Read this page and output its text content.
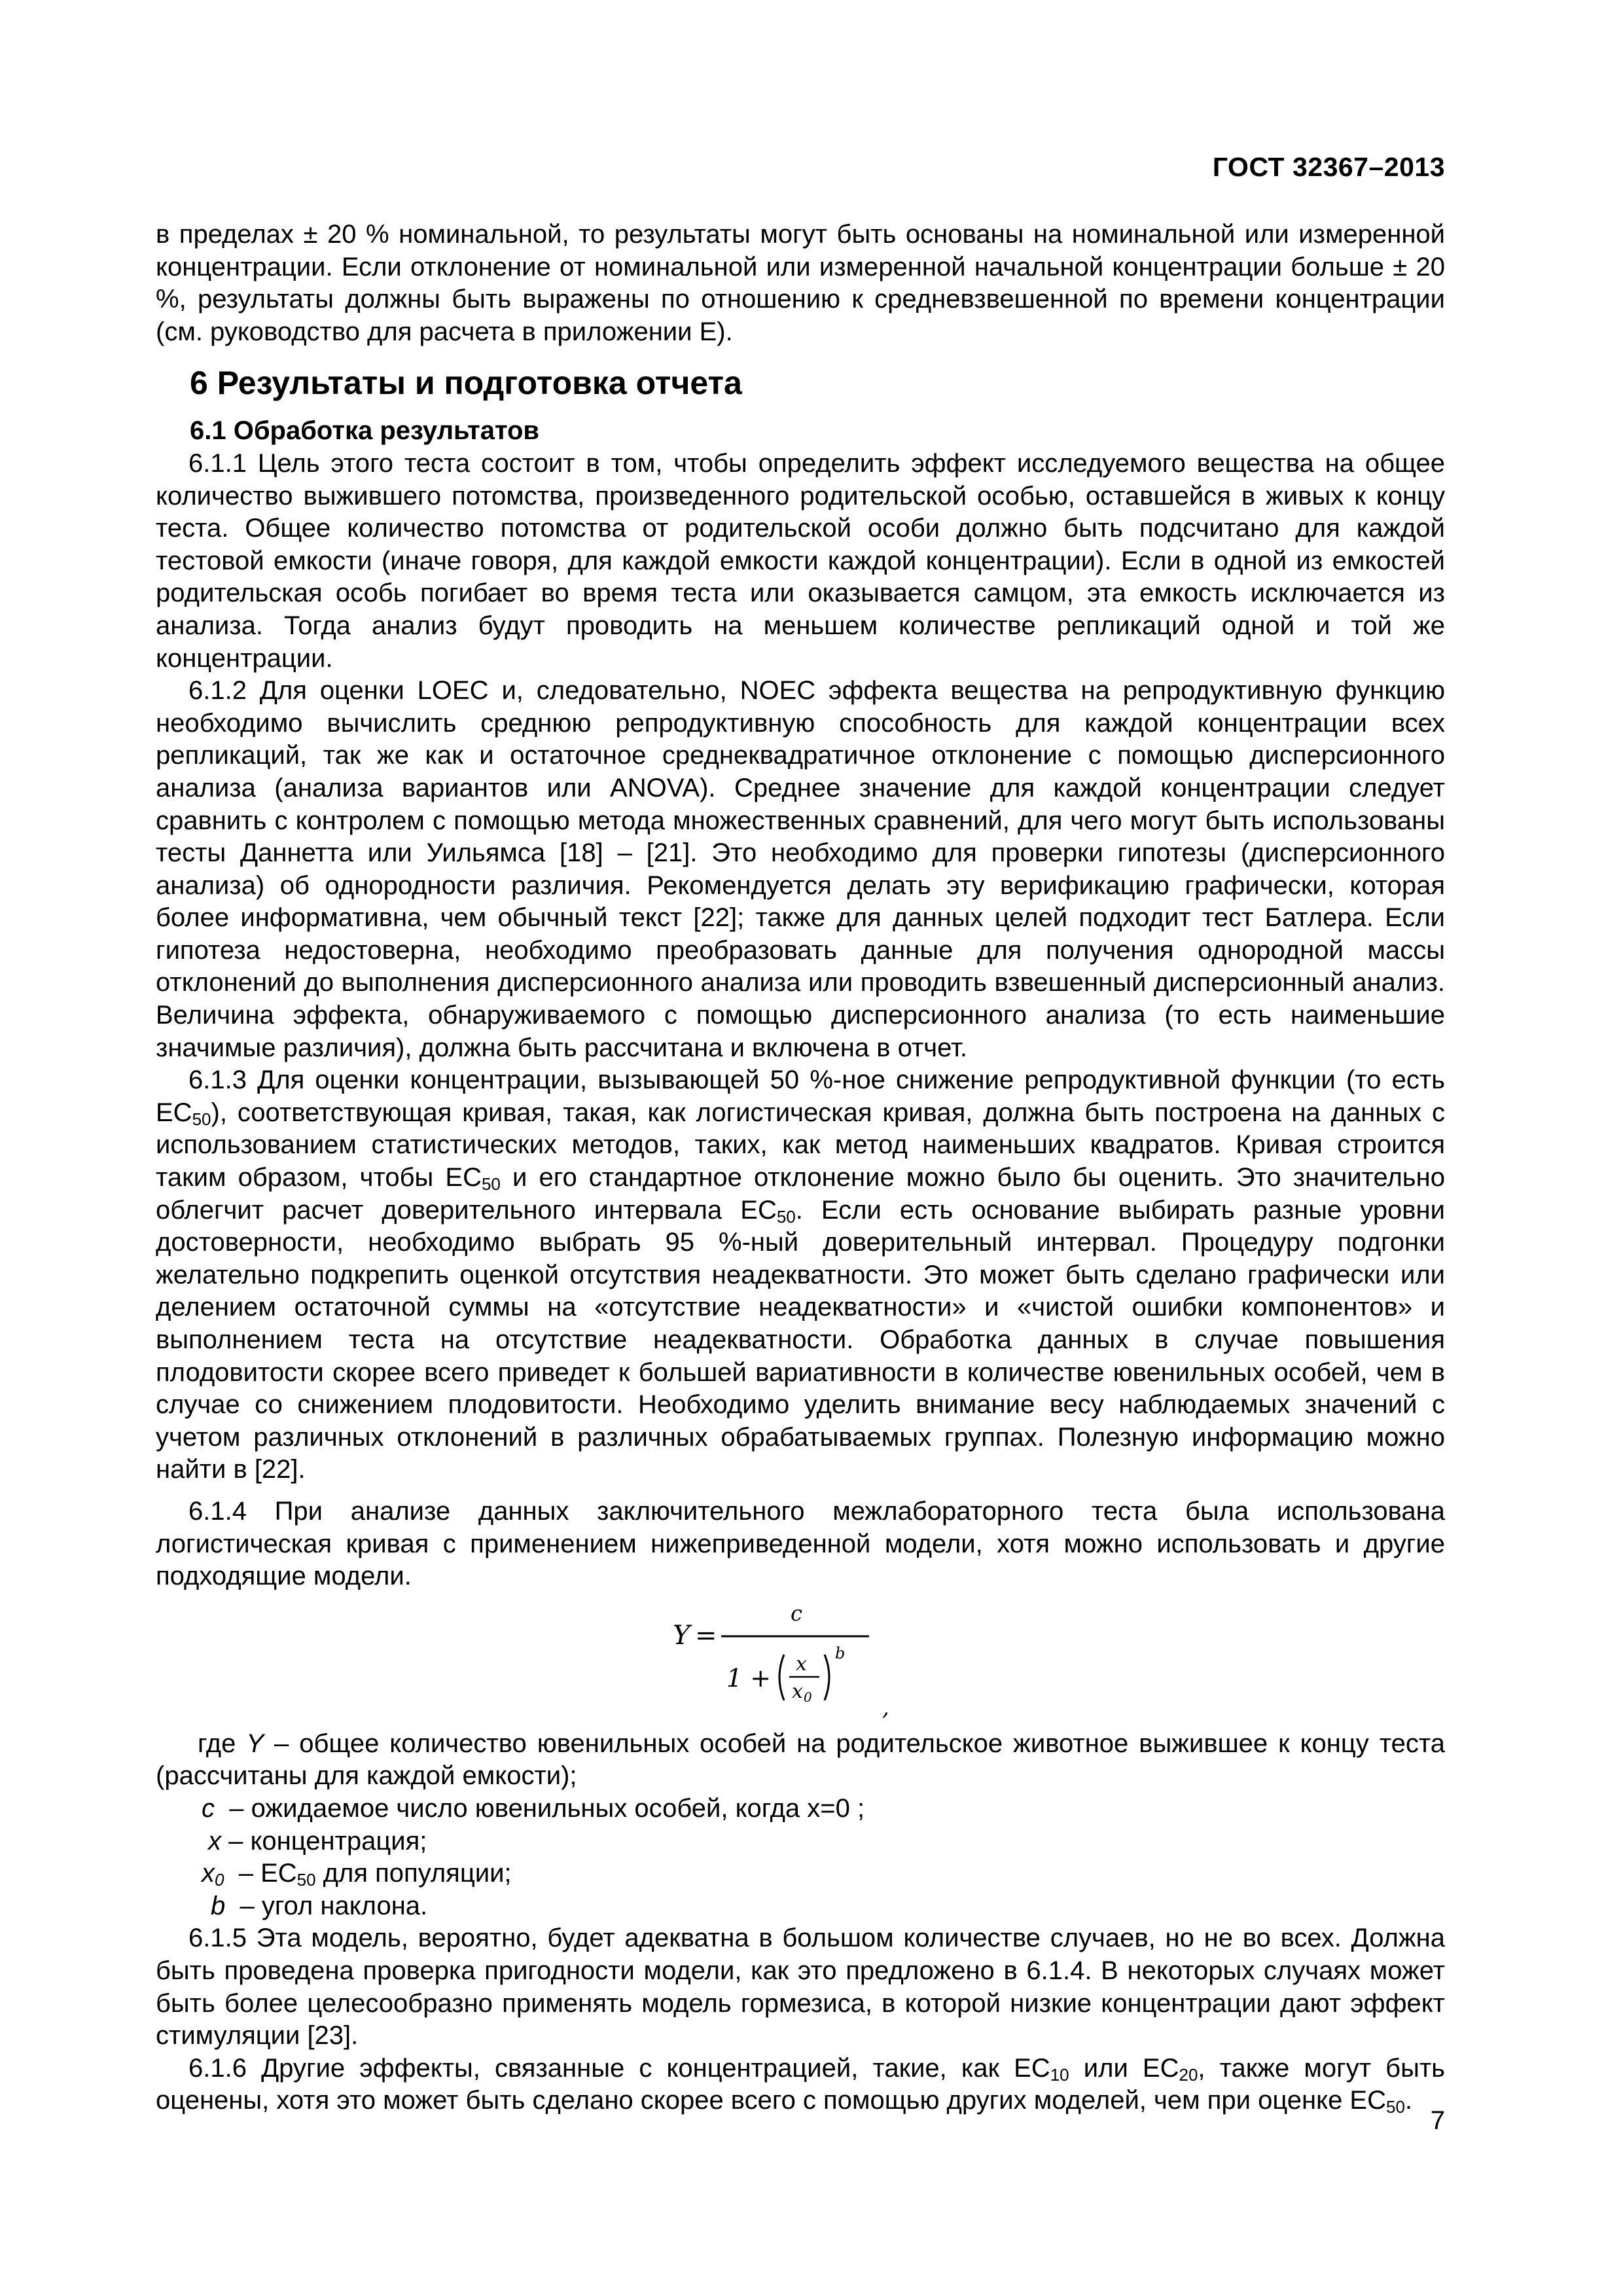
ГОСТ 32367–2013

в пределах ± 20 % номинальной, то результаты могут быть основаны на номинальной или измеренной концентрации. Если отклонение от номинальной или измеренной начальной концентрации больше ± 20 %, результаты должны быть выражены по отношению к средневзвешенной по времени концентрации (см. руководство для расчета в приложении Е).

6 Результаты и подготовка отчета
6.1 Обработка результатов

6.1.1 Цель этого теста состоит в том, чтобы определить эффект исследуемого вещества на общее количество выжившего потомства, произведенного родительской особью, оставшейся в живых к концу теста. Общее количество потомства от родительской особи должно быть подсчитано для каждой тестовой емкости (иначе говоря, для каждой емкости каждой концентрации). Если в одной из емкостей родительская особь погибает во время теста или оказывается самцом, эта емкость исключается из анализа. Тогда анализ будут проводить на меньшем количестве репликаций одной и той же концентрации.

6.1.2 Для оценки LOEC и, следовательно, NOEC эффекта вещества на репродуктивную функцию необходимо вычислить среднюю репродуктивную способность для каждой концентрации всех репликаций, так же как и остаточное среднеквадратичное отклонение с помощью дисперсионного анализа (анализа вариантов или ANOVA). Среднее значение для каждой концентрации следует сравнить с контролем с помощью метода множественных сравнений, для чего могут быть использованы тесты Даннетта или Уильямса [18] – [21]. Это необходимо для проверки гипотезы (дисперсионного анализа) об однородности различия. Рекомендуется делать эту верификацию графически, которая более информативна, чем обычный текст [22]; также для данных целей подходит тест Батлера. Если гипотеза недостоверна, необходимо преобразовать данные для получения однородной массы отклонений до выполнения дисперсионного анализа или проводить взвешенный дисперсионный анализ. Величина эффекта, обнаруживаемого с помощью дисперсионного анализа (то есть наименьшие значимые различия), должна быть рассчитана и включена в отчет.

6.1.3 Для оценки концентрации, вызывающей 50 %-ное снижение репродуктивной функции (то есть $EC_{50}$), соответствующая кривая, такая, как логистическая кривая, должна быть построена на данных с использованием статистических методов, таких, как метод наименьших квадратов. Кривая строится таким образом, чтобы $EC_{50}$ и его стандартное отклонение можно было бы оценить. Это значительно облегчит расчет доверительного интервала $EC_{50}$. Если есть основание выбирать разные уровни достоверности, необходимо выбрать 95 %-ный доверительный интервал. Процедуру подгонки желательно подкрепить оценкой отсутствия неадекватности. Это может быть сделано графически или делением остаточной суммы на «отсутствие неадекватности» и «чистой ошибки компонентов» и выполнением теста на отсутствие неадекватности. Обработка данных в случае повышения плодовитости скорее всего приведет к большей вариативности в количестве ювенильных особей, чем в случае со снижением плодовитости. Необходимо уделить внимание весу наблюдаемых значений с учетом различных отклонений в различных обрабатываемых группах. Полезную информацию можно найти в [22].

6.1.4 При анализе данных заключительного межлабораторного теста была использована логистическая кривая с применением нижеприведенной модели, хотя можно использовать и другие подходящие модели.

Y =
c
1 + x
x 0
b
,

где Y – общее количество ювенильных особей на родительское животное выжившее к концу теста (рассчитаны для каждой емкости);

c – ожидаемое число ювенильных особей, когда x=0 ;

x – концентрация;

$x_0 - EC_{50}$ для популяции;

b – угол наклона.

6.1.5 Эта модель, вероятно, будет адекватна в большом количестве случаев, но не во всех. Должна быть проведена проверка пригодности модели, как это предложено в 6.1.4. В некоторых случаях может быть более целесообразно применять модель гормезиса, в которой низкие концентрации дают эффект стимуляции [23].

6.1.6 Другие эффекты, связанные с концентрацией, такие, как $EC_{10}$ или $EC_{20}$, также могут быть оценены, хотя это может быть сделано скорее всего с помощью других моделей, чем при оценке $EC_{50}$.

7
